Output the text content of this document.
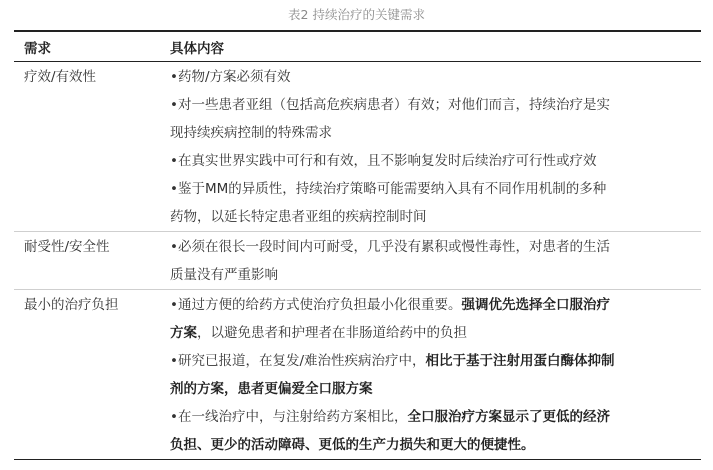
表2 持续治疗的关键需求
需求	具体内容
疗效/有效性	•药物/方案必须有效
•对一些患者亚组（包括高危疾病患者）有效；对他们而言，持续治疗是实
现持续疾病控制的特殊需求
•在真实世界实践中可行和有效，且不影响复发时后续治疗可行性或疗效
•鉴于MM的异质性，持续治疗策略可能需要纳入具有不同作用机制的多种
药物，以延长特定患者亚组的疾病控制时间
耐受性/安全性	•必须在很长一段时间内可耐受，几乎没有累积或慢性毒性，对患者的生活
质量没有严重影响
最小的治疗负担	•通过方便的给药方式使治疗负担最小化很重要。强调优先选择全口服治疗
方案，以避免患者和护理者在非肠道给药中的负担
•研究已报道，在复发/难治性疾病治疗中，相比于基于注射用蛋白酶体抑制
剂的方案，患者更偏爱全口服方案
•在一线治疗中，与注射给药方案相比，全口服治疗方案显示了更低的经济
负担、更少的活动障碍、更低的生产力损失和更大的便捷性。
